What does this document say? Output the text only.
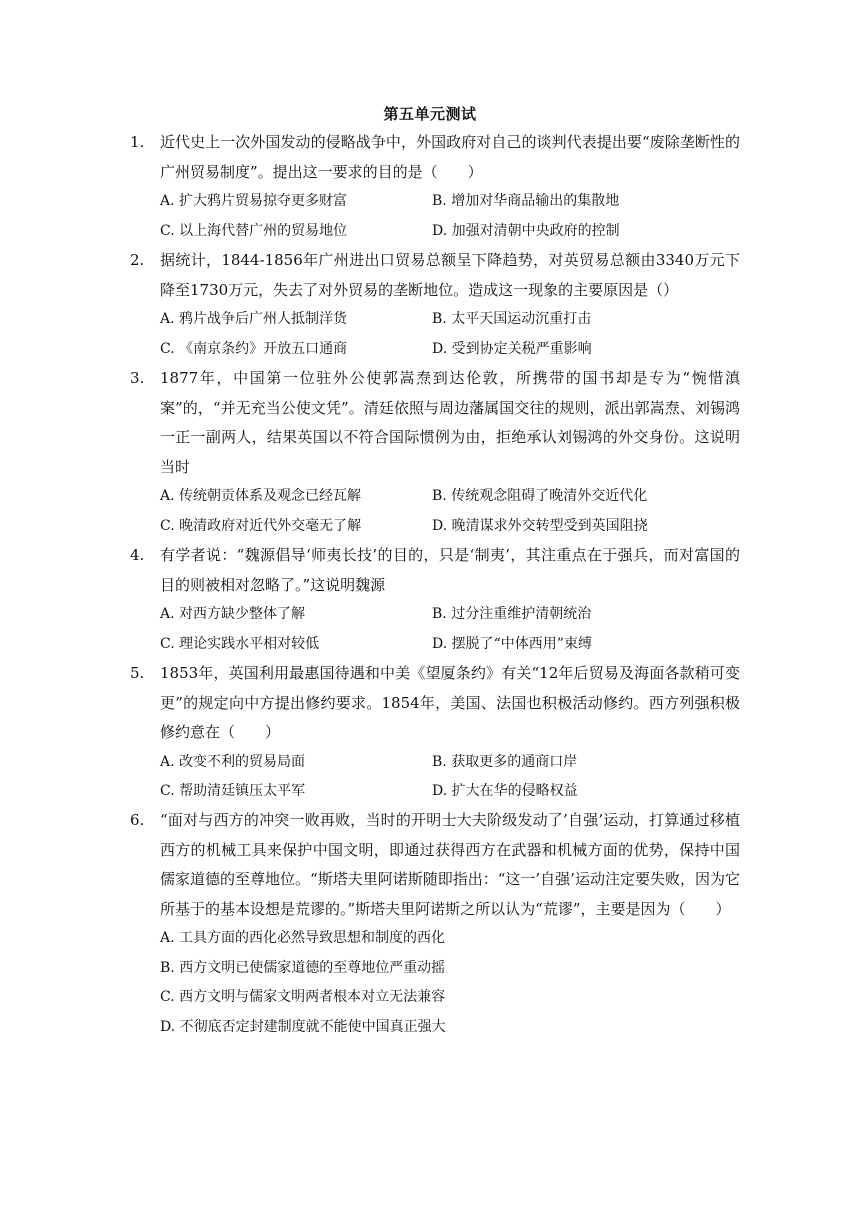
第五单元测试
1. 近代史上一次外国发动的侵略战争中，外国政府对自己的谈判代表提出要“废除垄断性的广州贸易制度”。提出这一要求的目的是（　　）
A. 扩大鸦片贸易掠夺更多财富	B. 增加对华商品输出的集散地
C. 以上海代替广州的贸易地位	D. 加强对清朝中央政府的控制
2. 据统计，1844-1856年广州进出口贸易总额呈下降趋势，对英贸易总额由3340万元下降至1730万元，失去了对外贸易的垄断地位。造成这一现象的主要原因是（）
A. 鸦片战争后广州人抵制洋货	B. 太平天国运动沉重打击
C. 《南京条约》开放五口通商	D. 受到协定关税严重影响
3. 1877年，中国第一位驻外公使郭嵩焘到达伦敦，所携带的国书却是专为“惋惜滇案”的，“并无充当公使文凭”。清廷依照与周边藩属国交往的规则，派出郭嵩焘、刘锡鸿一正一副两人，结果英国以不符合国际惯例为由，拒绝承认刘锡鸿的外交身份。这说明当时
A. 传统朝贡体系及观念已经瓦解	B. 传统观念阻碍了晚清外交近代化
C. 晚清政府对近代外交毫无了解	D. 晚清谋求外交转型受到英国阻挠
4. 有学者说：“魏源倡导‘师夷长技’的目的，只是‘制夷’，其注重点在于强兵，而对富国的目的则被相对忽略了。”这说明魏源
A. 对西方缺少整体了解	B. 过分注重维护清朝统治
C. 理论实践水平相对较低	D. 摆脱了“中体西用”束缚
5. 1853年，英国利用最惠国待遇和中美《望厦条约》有关“12年后贸易及海面各款稍可变更”的规定向中方提出修约要求。1854年，美国、法国也积极活动修约。西方列强积极修约意在（　　）
A. 改变不利的贸易局面	B. 获取更多的通商口岸
C. 帮助清廷镇压太平军	D. 扩大在华的侵略权益
6. “面对与西方的冲突一败再败，当时的开明士大夫阶级发动了’自强’运动，打算通过移植西方的机械工具来保护中国文明，即通过获得西方在武器和机械方面的优势，保持中国儒家道德的至尊地位。“斯塔夫里阿诺斯随即指出：“这一’自强’运动注定要失败，因为它所基于的基本设想是荒谬的。”斯塔夫里阿诺斯之所以认为“荒谬”，主要是因为（　　）
A. 工具方面的西化必然导致思想和制度的西化
B. 西方文明已使儒家道德的至尊地位严重动摇
C. 西方文明与儒家文明两者根本对立无法兼容
D. 不彻底否定封建制度就不能使中国真正强大
